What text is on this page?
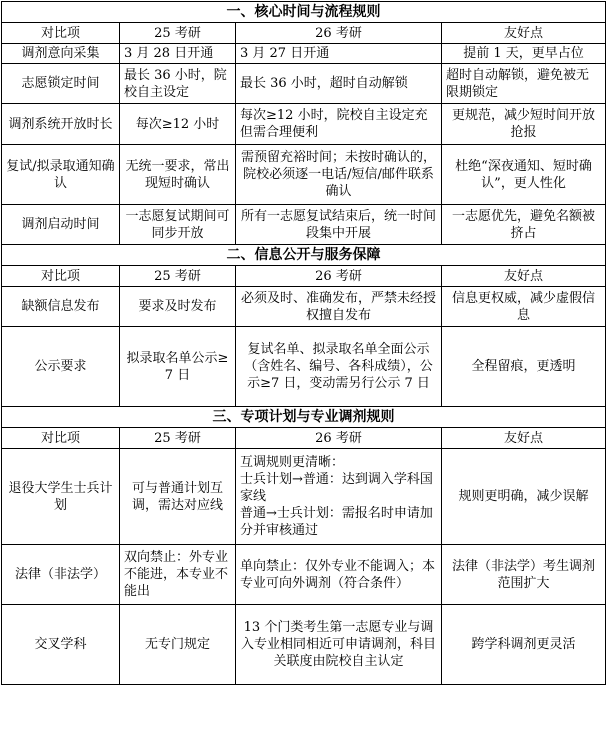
一、核心时间与流程规则			
对比项	25 考研	26 考研	友好点
调剂意向采集	3 月 28 日开通	3 月 27 日开通	提前 1 天，更早占位
志愿锁定时间	最长 36 小时，院校自主设定	最长 36 小时，超时自动解锁	超时自动解锁，避免被无限期锁定
调剂系统开放时长	每次≥12 小时	每次≥12 小时，院校自主设定充但需合理便利	更规范，减少短时间开放抢报
复试/拟录取通知确认	无统一要求，常出现短时确认	需预留充裕时间；未按时确认的，院校必须逐一电话/短信/邮件联系确认	杜绝“深夜通知、短时确认”，更人性化
调剂启动时间	一志愿复试期间可同步开放	所有一志愿复试结束后，统一时间段集中开展	一志愿优先，避免名额被挤占
二、信息公开与服务保障			
对比项	25 考研	26 考研	友好点
缺额信息发布	要求及时发布	必须及时、准确发布，严禁未经授权擅自发布	信息更权威，减少虚假信息
公示要求	拟录取名单公示≥7 日	复试名单、拟录取名单全面公示（含姓名、编号、各科成绩），公示≥7 日，变动需另行公示 7 日	全程留痕，更透明
三、专项计划与专业调剂规则			
对比项	25 考研	26 考研	友好点
退役大学生士兵计划	可与普通计划互调，需达对应线	互调规则更清晰：
士兵计划→普通：达到调入学科国家线
普通→士兵计划：需报名时申请加分并审核通过	规则更明确，减少误解
法律（非法学）	双向禁止：外专业不能进，本专业不能出	单向禁止：仅外专业不能调入；本专业可向外调剂（符合条件）	法律（非法学）考生调剂范围扩大
交叉学科	无专门规定	13 个门类考生第一志愿专业与调入专业相同相近可申请调剂，科目关联度由院校自主认定	跨学科调剂更灵活
